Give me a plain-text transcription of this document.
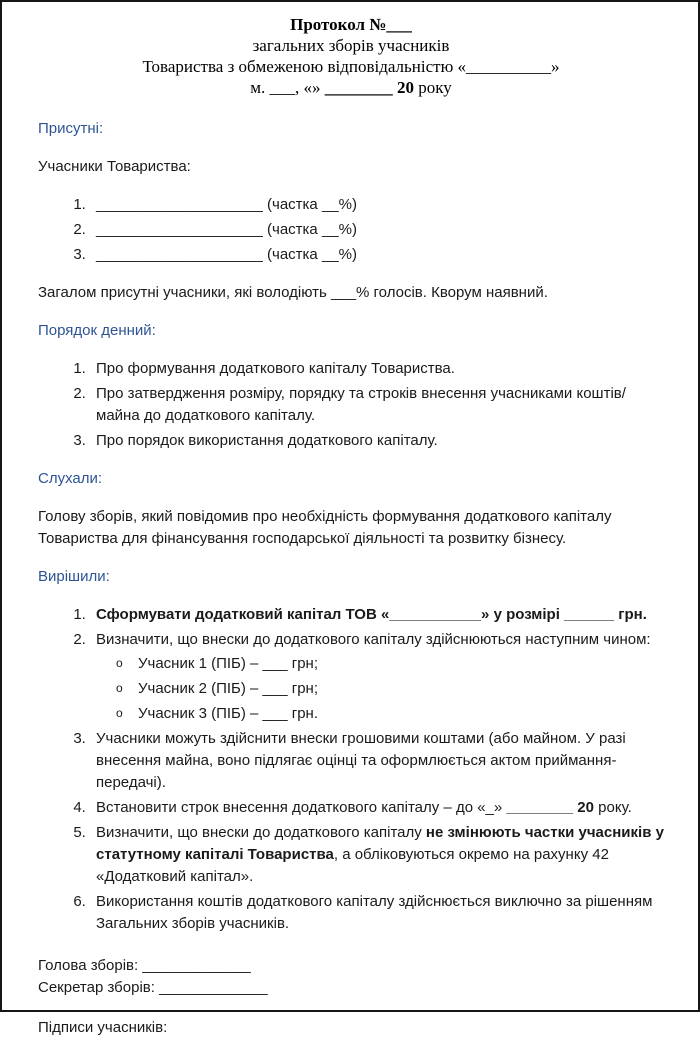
Протокол №___

загальних зборів учасників

Товариства з обмеженою відповідальністю «__________»

м. ___, «» ________ 20 року

Присутні:

Учасники Товариства:

1. ____________________ (частка __%)
2. ____________________ (частка __%)
3. ____________________ (частка __%)

Загалом присутні учасники, які володіють ___% голосів. Кворум наявний.

Порядок денний:
1. Про формування додаткового капіталу Товариства.
2. Про затвердження розміру, порядку та строків внесення учасниками коштів/майна до додаткового капіталу.
3. Про порядок використання додаткового капіталу.
Слухали:

Голову зборів, який повідомив про необхідність формування додаткового капіталу Товариства для фінансування господарської діяльності та розвитку бізнесу.

Вирішили:
1. Сформувати додатковий капітал ТОВ «___________» у розмірі ______ грн.
2. Визначити, що внески до додаткового капіталу здійснюються наступним чином:
o Учасник 1 (ПІБ) – ___ грн;
o Учасник 2 (ПІБ) – ___ грн;
o Учасник 3 (ПІБ) – ___ грн.
3. Учасники можуть здійснити внески грошовими коштами (або майном. У разі внесення майна, воно підлягає оцінці та оформлюється актом приймання-передачі).
4. Встановити строк внесення додаткового капіталу – до «_» ________ 20 року.
5. Визначити, що внески до додаткового капіталу не змінюють частки учасників у статутному капіталі Товариства, а обліковуються окремо на рахунку 42 «Додатковий капітал».
6. Використання коштів додаткового капіталу здійснюється виключно за рішенням Загальних зборів учасників.

Голова зборів: _____________

Секретар зборів: _____________

Підписи учасників:
